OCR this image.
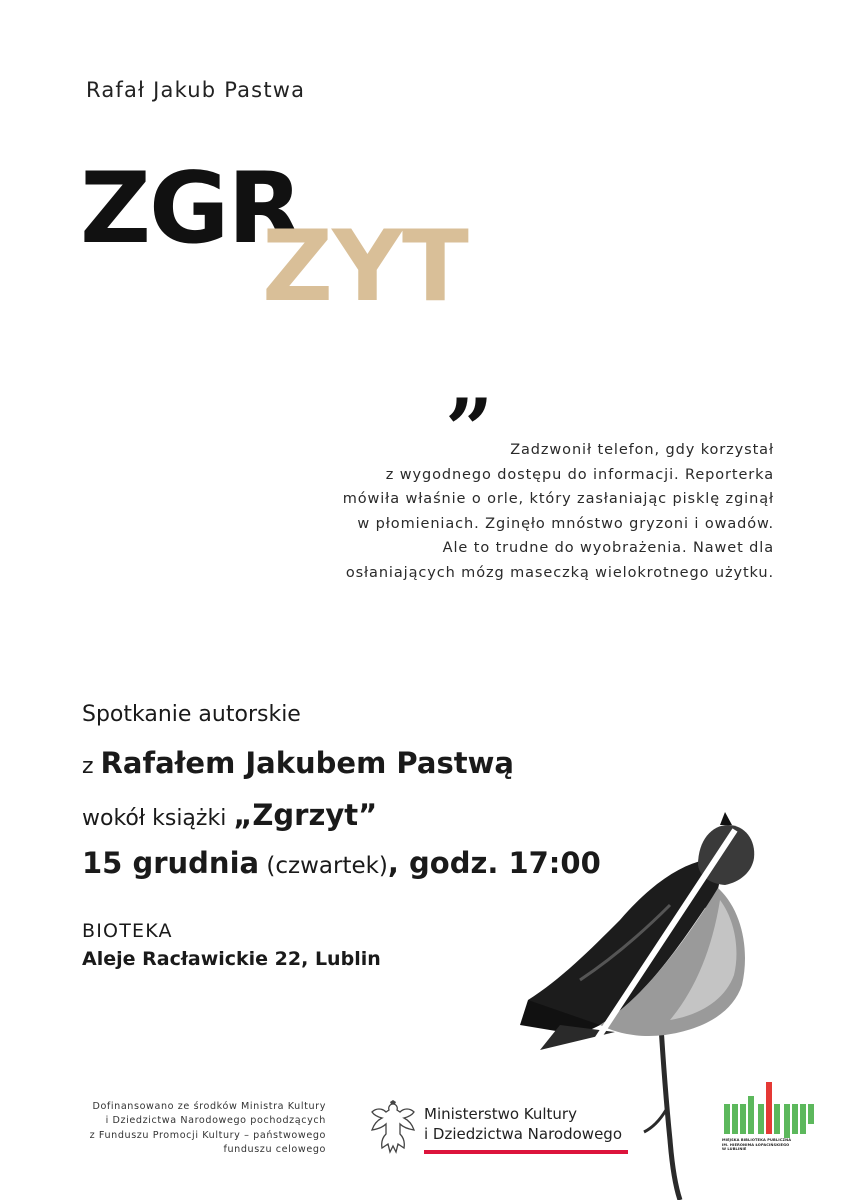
Rafał Jakub Pastwa
ZGR
ZYT
”	Zadzwonił telefon, gdy korzystał
z wygodnego dostępu do informacji. Reporterka
mówiła właśnie o orle, który zasłaniając pisklę zginął
w płomieniach. Zginęło mnóstwo gryzoni i owadów.
Ale to trudne do wyobrażenia. Nawet dla
osłaniających mózg maseczką wielokrotnego użytku.
Spotkanie autorskie
z Rafałem Jakubem Pastwą
wokół książki „Zgrzyt”
15 grudnia (czwartek), godz. 17:00
BIOTEKA
Aleje Racławickie 22, Lublin
Dofinansowano ze środków Ministra Kultury
i Dziedzictwa Narodowego pochodzących
z Funduszu Promocji Kultury – państwowego
funduszu celowego
Ministerstwo Kultury
i Dziedzictwa Narodowego	MIEJSKA BIBLIOTEKA PUBLICZNA
IM. HIERONIMA ŁOPACIŃSKIEGO
W LUBLINIE
